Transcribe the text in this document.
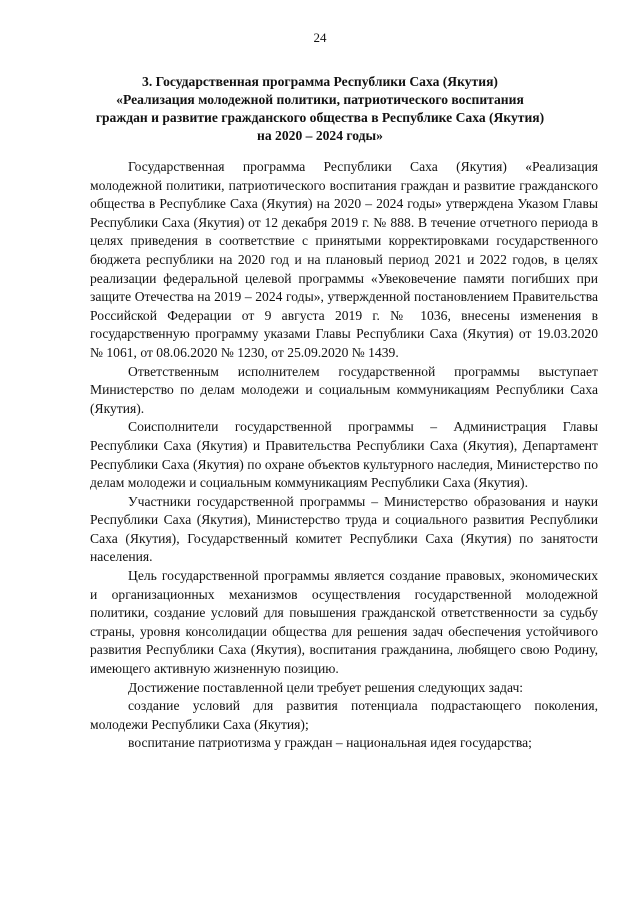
24
3. Государственная программа Республики Саха (Якутия)
«Реализация молодежной политики, патриотического воспитания
граждан и развитие гражданского общества в Республике Саха (Якутия)
на 2020 – 2024 годы»

Государственная программа Республики Саха (Якутия) «Реализация молодежной политики, патриотического воспитания граждан и развитие гражданского общества в Республике Саха (Якутия) на 2020 – 2024 годы» утверждена Указом Главы Республики Саха (Якутия) от 12 декабря 2019 г. № 888. В течение отчетного периода в целях приведения в соответствие с принятыми корректировками государственного бюджета республики на 2020 год и на плановый период 2021 и 2022 годов, в целях реализации федеральной целевой программы «Увековечение памяти погибших при защите Отечества на 2019 – 2024 годы», утвержденной постановлением Правительства Российской Федерации от 9 августа 2019 г. № 1036, внесены изменения в государственную программу указами Главы Республики Саха (Якутия) от 19.03.2020 № 1061, от 08.06.2020 № 1230, от 25.09.2020 № 1439.

Ответственным исполнителем государственной программы выступает Министерство по делам молодежи и социальным коммуникациям Республики Саха (Якутия).

Соисполнители государственной программы – Администрация Главы Республики Саха (Якутия) и Правительства Республики Саха (Якутия), Департамент Республики Саха (Якутия) по охране объектов культурного наследия, Министерство по делам молодежи и социальным коммуникациям Республики Саха (Якутия).

Участники государственной программы – Министерство образования и науки Республики Саха (Якутия), Министерство труда и социального развития Республики Саха (Якутия), Государственный комитет Республики Саха (Якутия) по занятости населения.

Цель государственной программы является создание правовых, экономических и организационных механизмов осуществления государственной молодежной политики, создание условий для повышения гражданской ответственности за судьбу страны, уровня консолидации общества для решения задач обеспечения устойчивого развития Республики Саха (Якутия), воспитания гражданина, любящего свою Родину, имеющего активную жизненную позицию.

Достижение поставленной цели требует решения следующих задач:

создание условий для развития потенциала подрастающего поколения, молодежи Республики Саха (Якутия);

воспитание патриотизма у граждан – национальная идея государства;
